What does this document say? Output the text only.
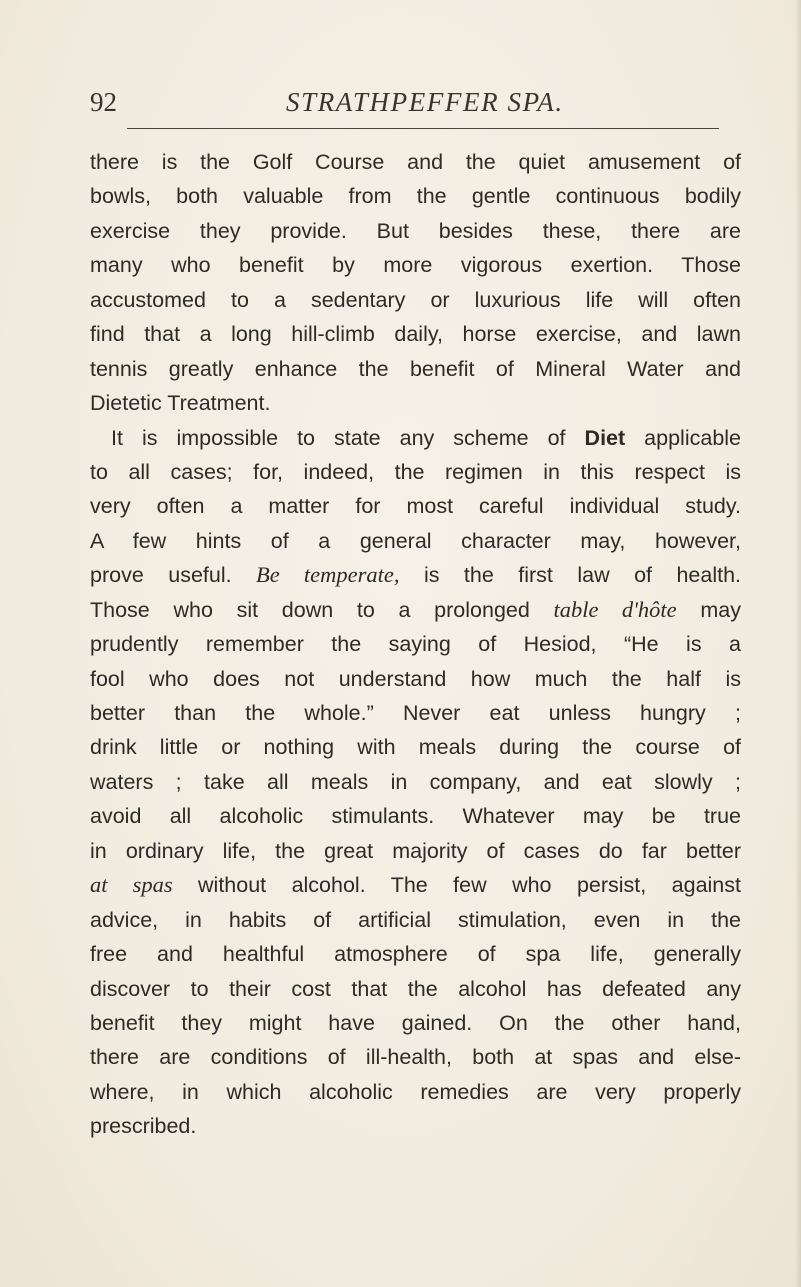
92	STRATHPEFFER SPA.
there is the Golf Course and the quiet amusement of
bowls, both valuable from the gentle continuous bodily
exercise they provide. But besides these, there are
many who benefit by more vigorous exertion. Those
accustomed to a sedentary or luxurious life will often
find that a long hill-climb daily, horse exercise, and lawn
tennis greatly enhance the benefit of Mineral Water and
Dietetic Treatment.
It is impossible to state any scheme of Diet applicable
to all cases; for, indeed, the regimen in this respect is
very often a matter for most careful individual study.
A few hints of a general character may, however,
prove useful. Be temperate, is the first law of health.
Those who sit down to a prolonged table d'hôte may
prudently remember the saying of Hesiod, “He is a
fool who does not understand how much the half is
better than the whole.” Never eat unless hungry ;
drink little or nothing with meals during the course of
waters ; take all meals in company, and eat slowly ;
avoid all alcoholic stimulants. Whatever may be true
in ordinary life, the great majority of cases do far better
at spas without alcohol. The few who persist, against
advice, in habits of artificial stimulation, even in the
free and healthful atmosphere of spa life, generally
discover to their cost that the alcohol has defeated any
benefit they might have gained. On the other hand,
there are conditions of ill-health, both at spas and else-
where, in which alcoholic remedies are very properly
prescribed.
